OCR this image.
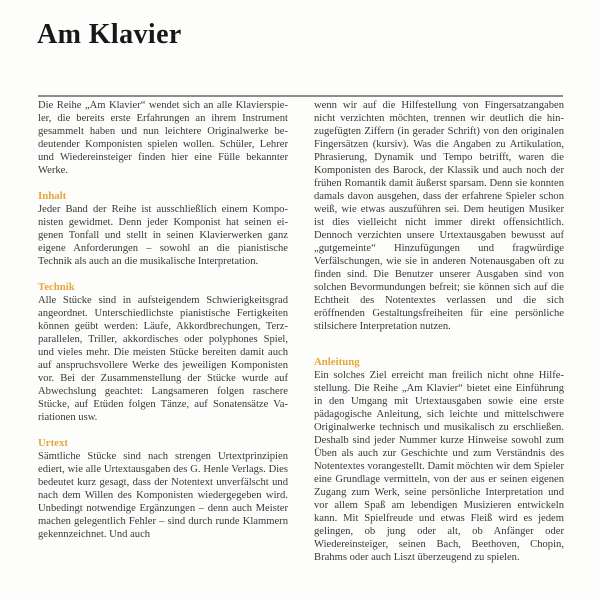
Am Klavier

Die Reihe „Am Klavier“ wendet sich an alle Klavierspieler, die bereits erste Erfahrungen an ihrem Instrument gesammelt haben und nun leichtere Originalwerke bedeutender Komponisten spielen wollen. Schüler, Lehrer und Wiedereinsteiger finden hier eine Fülle bekannter Werke.

Inhalt

Jeder Band der Reihe ist ausschließlich einem Komponisten gewidmet. Denn jeder Komponist hat seinen eigenen Tonfall und stellt in seinen Klavierwerken ganz eigene Anforderungen – sowohl an die pianistische Technik als auch an die musikalische Interpretation.

Technik

Alle Stücke sind in aufsteigendem Schwierigkeitsgrad angeordnet. Unterschiedlichste pianistische Fertigkeiten können geübt werden: Läufe, Akkordbrechungen, Terzparallelen, Triller, akkordisches oder polyphones Spiel, und vieles mehr. Die meisten Stücke bereiten damit auch auf anspruchsvollere Werke des jeweiligen Komponisten vor. Bei der Zusammenstellung der Stücke wurde auf Abwechslung geachtet: Langsameren folgen raschere Stücke, auf Etüden folgen Tänze, auf Sonatensätze Variationen usw.

Urtext

Sämtliche Stücke sind nach strengen Urtextprinzipien ediert, wie alle Urtextausgaben des G. Henle Verlags. Dies bedeutet kurz gesagt, dass der Notentext unverfälscht und nach dem Willen des Komponisten wiedergegeben wird. Unbedingt notwendige Ergänzungen – denn auch Meister machen gelegentlich Fehler – sind durch runde Klammern gekennzeichnet. Und auch

wenn wir auf die Hilfestellung von Fingersatzangaben nicht verzichten möchten, trennen wir deutlich die hinzugefügten Ziffern (in gerader Schrift) von den originalen Fingersätzen (kursiv). Was die Angaben zu Artikulation, Phrasierung, Dynamik und Tempo betrifft, waren die Komponisten des Barock, der Klassik und auch noch der frühen Romantik damit äußerst sparsam. Denn sie konnten damals davon ausgehen, dass der erfahrene Spieler schon weiß, wie etwas auszuführen sei. Dem heutigen Musiker ist dies vielleicht nicht immer direkt offensichtlich. Dennoch verzichten unsere Urtextausgaben bewusst auf „gutgemeinte“ Hinzufügungen und fragwürdige Verfälschungen, wie sie in anderen Notenausgaben oft zu finden sind. Die Benutzer unserer Ausgaben sind von solchen Bevormundungen befreit; sie können sich auf die Echtheit des Notentextes verlassen und die sich eröffnenden Gestaltungsfreiheiten für eine persönliche stilsichere Interpretation nutzen.

Anleitung

Ein solches Ziel erreicht man freilich nicht ohne Hilfestellung. Die Reihe „Am Klavier“ bietet eine Einführung in den Umgang mit Urtextausgaben sowie eine erste pädagogische Anleitung, sich leichte und mittelschwere Originalwerke technisch und musikalisch zu erschließen. Deshalb sind jeder Nummer kurze Hinweise sowohl zum Üben als auch zur Geschichte und zum Verständnis des Notentextes vorangestellt. Damit möchten wir dem Spieler eine Grundlage vermitteln, von der aus er seinen eigenen Zugang zum Werk, seine persönliche Interpretation und vor allem Spaß am lebendigen Musizieren entwickeln kann. Mit Spielfreude und etwas Fleiß wird es jedem gelingen, ob jung oder alt, ob Anfänger oder Wiedereinsteiger, seinen Bach, Beethoven, Chopin, Brahms oder auch Liszt überzeugend zu spielen.
